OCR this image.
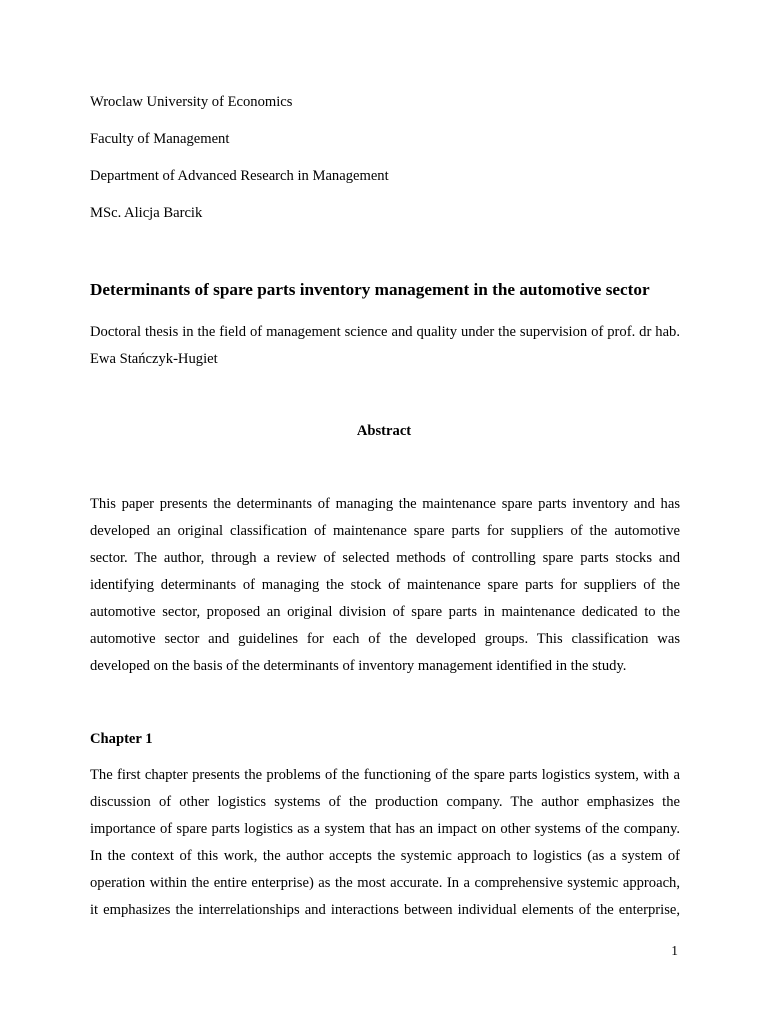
Wroclaw University of Economics
Faculty of Management
Department of Advanced Research in Management
MSc. Alicja Barcik
Determinants of spare parts inventory management in the automotive sector
Doctoral thesis in the field of management science and quality under the supervision of prof. dr hab. Ewa Stańczyk-Hugiet
Abstract

This paper presents the determinants of managing the maintenance spare parts inventory and has developed an original classification of maintenance spare parts for suppliers of the automotive sector. The author, through a review of selected methods of controlling spare parts stocks and identifying determinants of managing the stock of maintenance spare parts for suppliers of the automotive sector, proposed an original division of spare parts in maintenance dedicated to the automotive sector and guidelines for each of the developed groups. This classification was developed on the basis of the determinants of inventory management identified in the study.

Chapter 1

The first chapter presents the problems of the functioning of the spare parts logistics system, with a discussion of other logistics systems of the production company. The author emphasizes the importance of spare parts logistics as a system that has an impact on other systems of the company. In the context of this work, the author accepts the systemic approach to logistics (as a system of operation within the entire enterprise) as the most accurate. In a comprehensive systemic approach, it emphasizes the interrelationships and interactions between individual elements of the enterprise,

1
